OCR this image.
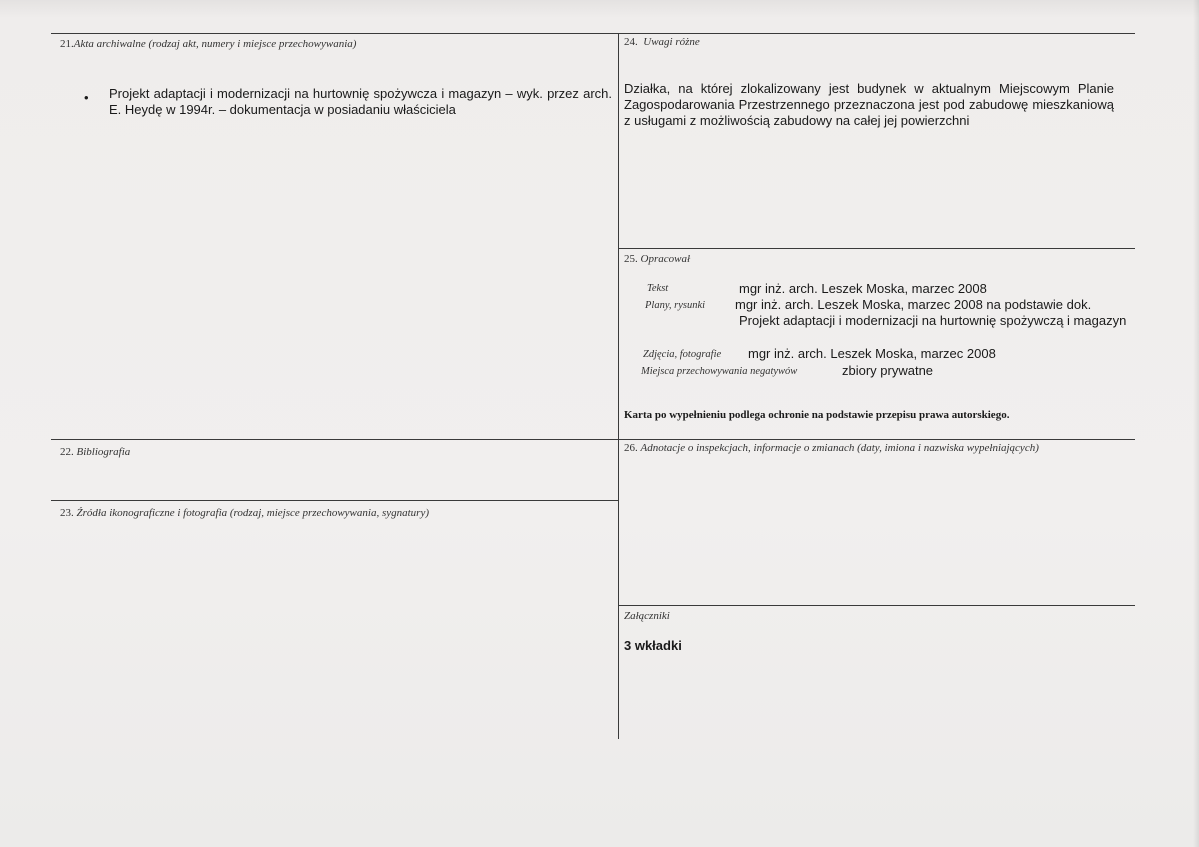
21.Akta archiwalne (rodzaj akt, numery i miejsce przechowywania)
• Projekt adaptacji i modernizacji na hurtownię spożywcza i magazyn – wyk. przez arch. E. Heydę w 1994r. – dokumentacja w posiadaniu właściciela
24. Uwagi różne
Działka, na której zlokalizowany jest budynek w aktualnym Miejscowym Planie Zagospodarowania Przestrzennego przeznaczona jest pod zabudowę mieszkaniową z usługami z możliwością zabudowy na całej jej powierzchni
25. Opracował
Tekst	mgr inż. arch. Leszek Moska, marzec 2008
Plany, rysunki mgr inż. arch. Leszek Moska, marzec 2008 na podstawie dok.
Projekt adaptacji i modernizacji na hurtownię spożywczą i magazyn
Zdjęcia, fotografie mgr inż. arch. Leszek Moska, marzec 2008
Miejsca przechowywania negatywów	zbiory prywatne
Karta po wypełnieniu podlega ochronie na podstawie przepisu prawa autorskiego.
22. Bibliografia	26. Adnotacje o inspekcjach, informacje o zmianach (daty, imiona i nazwiska wypełniających)
23. Źródła ikonograficzne i fotografia (rodzaj, miejsce przechowywania, sygnatury)
Załączniki
3 wkładki
